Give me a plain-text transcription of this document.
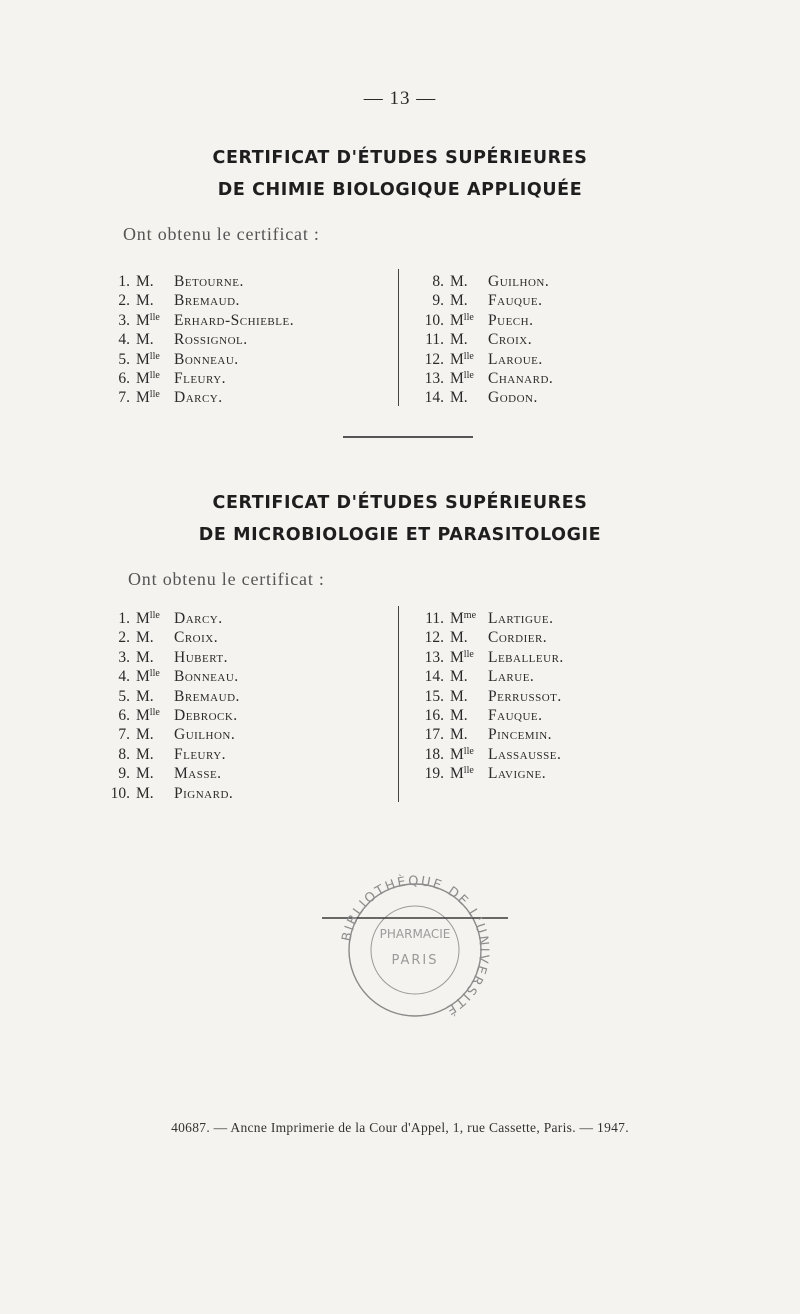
— 13 —
CERTIFICAT D'ÉTUDES SUPÉRIEURES
DE CHIMIE BIOLOGIQUE APPLIQUÉE
Ont obtenu le certificat :
1. M. Betourne.
2. M. Bremaud.
3. $M^{lle}$ Erhard-Schieble.
4. M. Rossignol.
5. $M^{lle}$ Bonneau.
6. $M^{lle}$ Fleury.
7. $M^{lle}$ Darcy.
8. M. Guilhon.
9. M. Fauque.
10. $M^{lle}$ Puech.
11. M. Croix.
12. $M^{lle}$ Laroue.
13. $M^{lle}$ Chanard.
14. M. Godon.
CERTIFICAT D'ÉTUDES SUPÉRIEURES
DE MICROBIOLOGIE ET PARASITOLOGIE
Ont obtenu le certificat :
1. $M^{lle}$ Darcy.
2. M. Croix.
3. M. Hubert.
4. $M^{lle}$ Bonneau.
5. M. Bremaud.
6. $M^{lle}$ Debrock.
7. M. Guilhon.
8. M. Fleury.
9. M. Masse.
10. M. Pignard.
11. $M^{me}$ Lartigue.
12. M. Cordier.
13. $M^{lle}$ Leballeur.
14. M. Larue.
15. M. Perrussot.
16. M. Fauque.
17. M. Pincemin.
18. $M^{lle}$ Lassausse.
19. $M^{lle}$ Lavigne.
BIBLIOTHÈQUE DE L'UNIVERSITÉ
PHARMACIE
PARIS
40687. — Ancne Imprimerie de la Cour d'Appel, 1, rue Cassette, Paris. — 1947.
